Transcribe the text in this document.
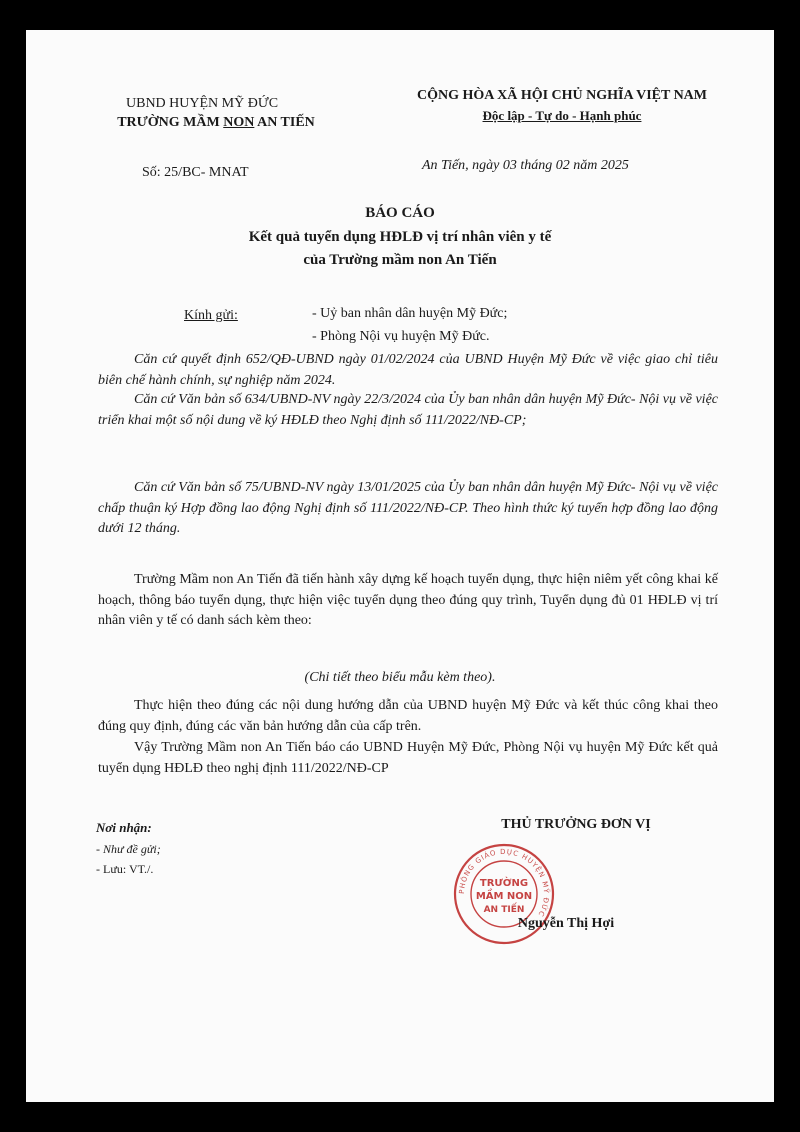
UBND HUYỆN MỸ ĐỨC
TRƯỜNG MẦM NON AN TIẾN
CỘNG HÒA XÃ HỘI CHỦ NGHĨA VIỆT NAM
Độc lập - Tự do - Hạnh phúc
Số: 25/BC- MNAT	An Tiến, ngày 03 tháng 02 năm 2025
BÁO CÁO
Kết quả tuyển dụng HĐLĐ vị trí nhân viên y tế
của Trường mầm non An Tiến
Kính gửi:	- Uỷ ban nhân dân huyện Mỹ Đức;
- Phòng Nội vụ huyện Mỹ Đức.
Căn cứ quyết định 652/QĐ-UBND ngày 01/02/2024 của UBND Huyện Mỹ Đức về việc giao chỉ tiêu biên chế hành chính, sự nghiệp năm 2024.
Căn cứ Văn bản số 634/UBND-NV ngày 22/3/2024 của Ủy ban nhân dân huyện Mỹ Đức- Nội vụ về việc triển khai một số nội dung về ký HĐLĐ theo Nghị định số 111/2022/NĐ-CP;
Căn cứ Văn bản số 75/UBND-NV ngày 13/01/2025 của Ủy ban nhân dân huyện Mỹ Đức- Nội vụ về việc chấp thuận ký Hợp đồng lao động Nghị định số 111/2022/NĐ-CP. Theo hình thức ký tuyển hợp đồng lao động dưới 12 tháng.
Trường Mầm non An Tiến đã tiến hành xây dựng kế hoạch tuyển dụng, thực hiện niêm yết công khai kế hoạch, thông báo tuyển dụng, thực hiện việc tuyển dụng theo đúng quy trình, Tuyển dụng đủ 01 HĐLĐ vị trí nhân viên y tế có danh sách kèm theo:
(Chi tiết theo biểu mẫu kèm theo).
Thực hiện theo đúng các nội dung hướng dẫn của UBND huyện Mỹ Đức và kết thúc công khai theo đúng quy định, đúng các văn bản hướng dẫn của cấp trên.
Vậy Trường Mầm non An Tiến báo cáo UBND Huyện Mỹ Đức, Phòng Nội vụ huyện Mỹ Đức kết quả tuyển dụng HĐLĐ theo nghị định 111/2022/NĐ-CP
Nơi nhận:
- Như đề gửi;
- Lưu: VT./.
THỦ TRƯỞNG ĐƠN VỊ
PHÒNG GIÁO DỤC HUYỆN MỸ ĐỨC
TRƯỜNG
MẦM NON
AN TIẾN
Nguyễn Thị Hợi
